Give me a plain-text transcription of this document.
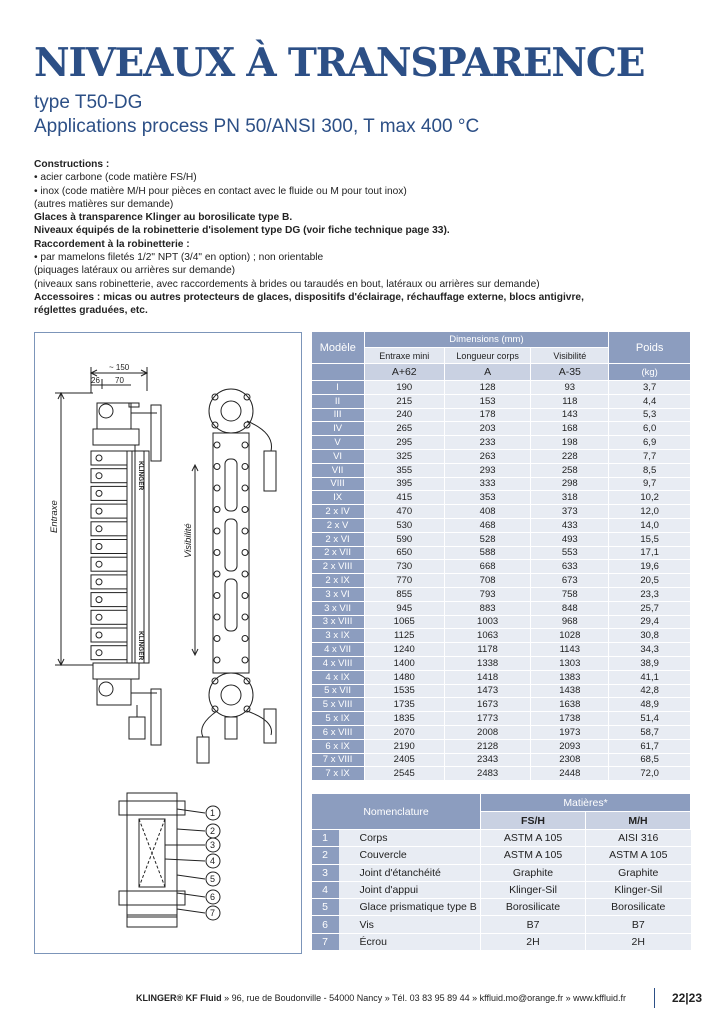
NIVEAUX À TRANSPARENCE
type T50-DG
Applications process PN 50/ANSI 300, T max 400 °C
Constructions :
• acier carbone (code matière FS/H)
• inox (code matière M/H pour pièces en contact avec le fluide ou M pour tout inox)
(autres matières sur demande)
Glaces à transparence Klinger au borosilicate type B.
Niveaux équipés de la robinetterie d'isolement type DG (voir fiche technique page 33).
Raccordement à la robinetterie :
• par mamelons filetés 1/2" NPT (3/4" en option) ; non orientable
(piquages latéraux ou arrières sur demande)
(niveaux sans robinetterie, avec raccordements à brides ou taraudés en bout, latéraux ou arrières sur demande)
Accessoires : micas ou autres protecteurs de glaces, dispositifs d'éclairage, réchauffage externe, blocs antigivre,
réglettes graduées, etc.
1
2
3
4
5
6
7
Entraxe
Visibilité
~ 150
26 70
KLINGER
KLINGER
Modèle	Dimensions (mm)			Poids
	Entraxe mini	Longueur corps	Visibilité	
	A+62	A	A-35	(kg)
I	190	128	93	3,7
II	215	153	118	4,4
III	240	178	143	5,3
IV	265	203	168	6,0
V	295	233	198	6,9
VI	325	263	228	7,7
VII	355	293	258	8,5
VIII	395	333	298	9,7
IX	415	353	318	10,2
2 x IV	470	408	373	12,0
2 x V	530	468	433	14,0
2 x VI	590	528	493	15,5
2 x VII	650	588	553	17,1
2 x VIII	730	668	633	19,6
2 x IX	770	708	673	20,5
3 x VI	855	793	758	23,3
3 x VII	945	883	848	25,7
3 x VIII	1065	1003	968	29,4
3 x IX	1125	1063	1028	30,8
4 x VII	1240	1178	1143	34,3
4 x VIII	1400	1338	1303	38,9
4 x IX	1480	1418	1383	41,1
5 x VII	1535	1473	1438	42,8
5 x VIII	1735	1673	1638	48,9
5 x IX	1835	1773	1738	51,4
6 x VIII	2070	2008	1973	58,7
6 x IX	2190	2128	2093	61,7
7 x VIII	2405	2343	2308	68,5
7 x IX	2545	2483	2448	72,0
Nomenclature		Matières*	
		FS/H	M/H
1	Corps	ASTM A 105	AISI 316
2	Couvercle	ASTM A 105	ASTM A 105
3	Joint d'étanchéité	Graphite	Graphite
4	Joint d'appui	Klinger-Sil	Klinger-Sil
5	Glace prismatique type B	Borosilicate	Borosilicate
6	Vis	B7	B7
7	Écrou	2H	2H
KLINGER® KF Fluid » 96, rue de Boudonville - 54000 Nancy » Tél. 03 83 95 89 44 » kffluid.mo@orange.fr » www.kffluid.fr	22|23
